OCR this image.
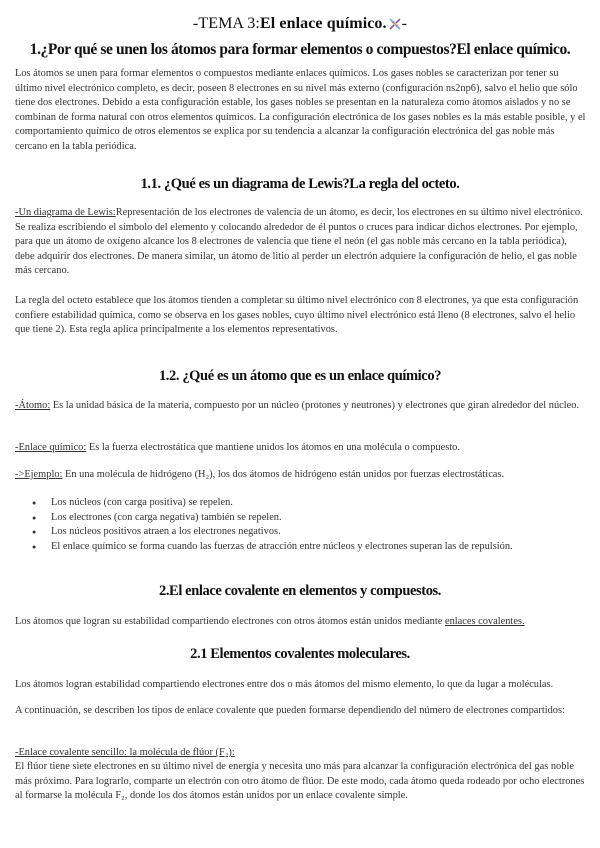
-TEMA 3:El enlace químico. -
1.¿Por qué se unen los átomos para formar elementos o compuestos?El enlace químico.

Los átomos se unen para formar elementos o compuestos mediante enlaces químicos. Los gases nobles se caracterizan por tener su último nivel electrónico completo, es decir, poseen 8 electrones en su nivel más externo (configuración ns2np6), salvo el helio que sólo tiene dos electrones. Debido a esta configuración estable, los gases nobles se presentan en la naturaleza como átomos aislados y no se combinan de forma natural con otros elementos químicos. La configuración electrónica de los gases nobles es la más estable posible, y el comportamiento químico de otros elementos se explica por su tendencia a alcanzar la configuración electrónica del gas noble más cercano en la tabla periódica.

1.1. ¿Qué es un diagrama de Lewis?La regla del octeto.

-Un diagrama de Lewis:Representación de los electrones de valencia de un átomo, es decir, los electrones en su último nivel electrónico. Se realiza escribiendo el símbolo del elemento y colocando alrededor de él puntos o cruces para indicar dichos electrones. Por ejemplo, para que un átomo de oxígeno alcance los 8 electrones de valencia que tiene el neón (el gas noble más cercano en la tabla periódica), debe adquirir dos electrones. De manera similar, un átomo de litio al perder un electrón adquiere la configuración de helio, el gas noble más cercano.

La regla del octeto establece que los átomos tienden a completar su último nivel electrónico con 8 electrones, ya que esta configuración confiere estabilidad química, como se observa en los gases nobles, cuyo último nivel electrónico está lleno (8 electrones, salvo el helio que tiene 2). Esta regla aplica principalmente a los elementos representativos.

1.2. ¿Qué es un átomo que es un enlace químico?

-Átomo: Es la unidad básica de la materia, compuesto por un núcleo (protones y neutrones) y electrones que giran alrededor del núcleo.

-Enlace químico: Es la fuerza electrostática que mantiene unidos los átomos en una molécula o compuesto.

->Ejemplo: En una molécula de hidrógeno (H₂), los dos átomos de hidrógeno están unidos por fuerzas electrostáticas.

● Los núcleos (con carga positiva) se repelen.
● Los electrones (con carga negativa) también se repelen.
● Los núcleos positivos atraen a los electrones negativos.
● El enlace químico se forma cuando las fuerzas de atracción entre núcleos y electrones superan las de repulsión.
2.El enlace covalente en elementos y compuestos.

Los átomos que logran su estabilidad compartiendo electrones con otros átomos están unidos mediante enlaces covalentes.

2.1 Elementos covalentes moleculares.

Los átomos logran estabilidad compartiendo electrones entre dos o más átomos del mismo elemento, lo que da lugar a moléculas.

A continuación, se describen los tipos de enlace covalente que pueden formarse dependiendo del número de electrones compartidos:

-Enlace covalente sencillo: la molécula de flúor (F₂):

El flúor tiene siete electrones en su último nivel de energía y necesita uno más para alcanzar la configuración electrónica del gas noble más próximo. Para lograrlo, comparte un electrón con otro átomo de flúor. De este modo, cada átomo queda rodeado por ocho electrones al formarse la molécula F₂, donde los dos átomos están unidos por un enlace covalente simple.
